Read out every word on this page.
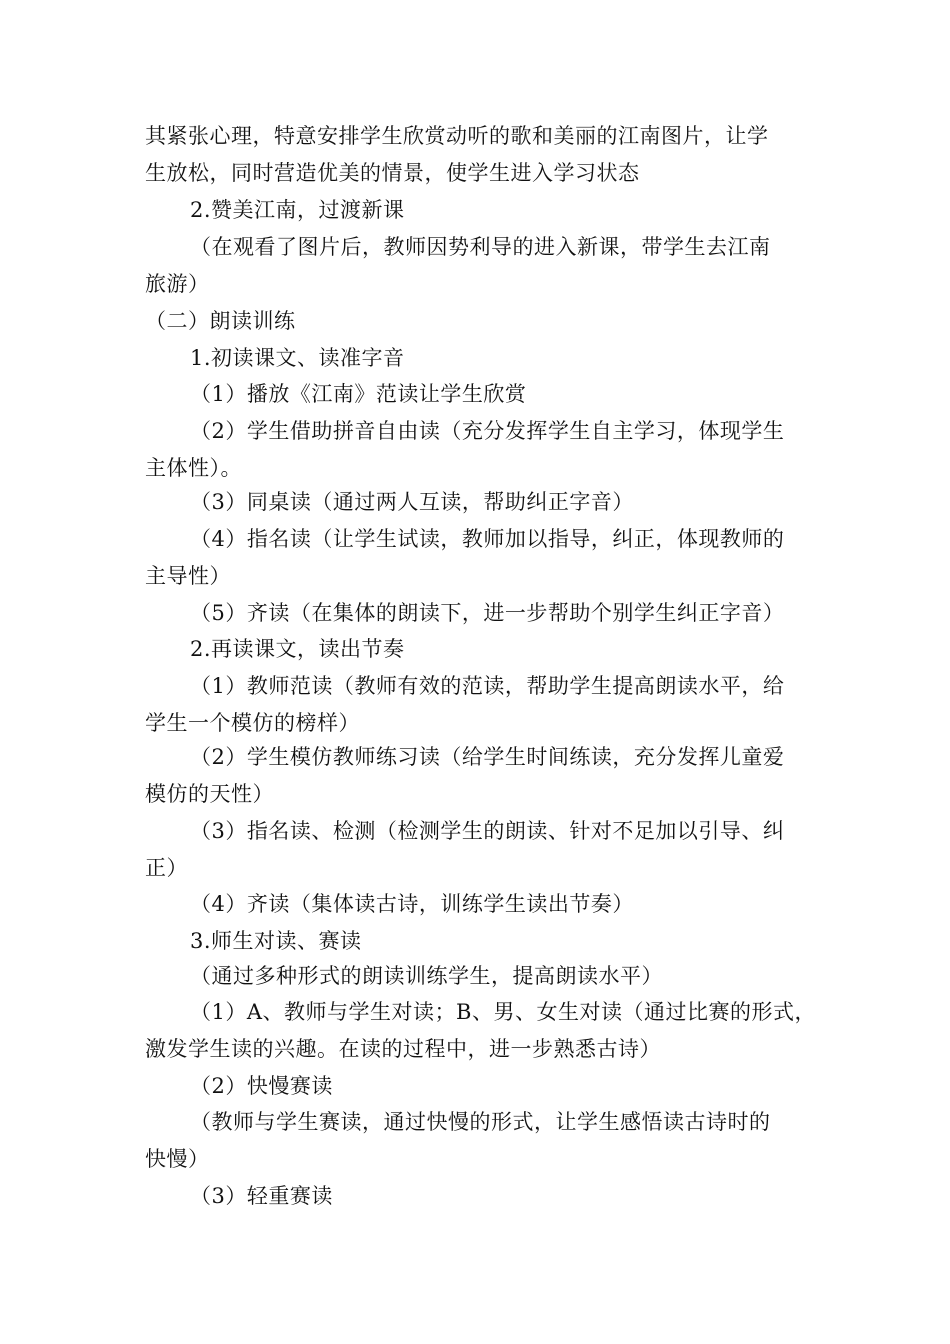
其紧张心理，特意安排学生欣赏动听的歌和美丽的江南图片，让学
生放松，同时营造优美的情景，使学生进入学习状态
2.赞美江南，过渡新课
（在观看了图片后，教师因势利导的进入新课，带学生去江南
旅游）
（二）朗读训练
1.初读课文、读准字音
（1）播放《江南》范读让学生欣赏
（2）学生借助拼音自由读（充分发挥学生自主学习，体现学生
主体性）。
（3）同桌读（通过两人互读，帮助纠正字音）
（4）指名读（让学生试读，教师加以指导，纠正，体现教师的
主导性）
（5）齐读（在集体的朗读下，进一步帮助个别学生纠正字音）
2.再读课文，读出节奏
（1）教师范读（教师有效的范读，帮助学生提高朗读水平，给
学生一个模仿的榜样）
（2）学生模仿教师练习读（给学生时间练读，充分发挥儿童爱
模仿的天性）
（3）指名读、检测（检测学生的朗读、针对不足加以引导、纠
正）
（4）齐读（集体读古诗，训练学生读出节奏）
3.师生对读、赛读
（通过多种形式的朗读训练学生，提高朗读水平）
（1）A、教师与学生对读；B、男、女生对读（通过比赛的形式，
激发学生读的兴趣。在读的过程中，进一步熟悉古诗）
（2）快慢赛读
（教师与学生赛读，通过快慢的形式，让学生感悟读古诗时的
快慢）
（3）轻重赛读
